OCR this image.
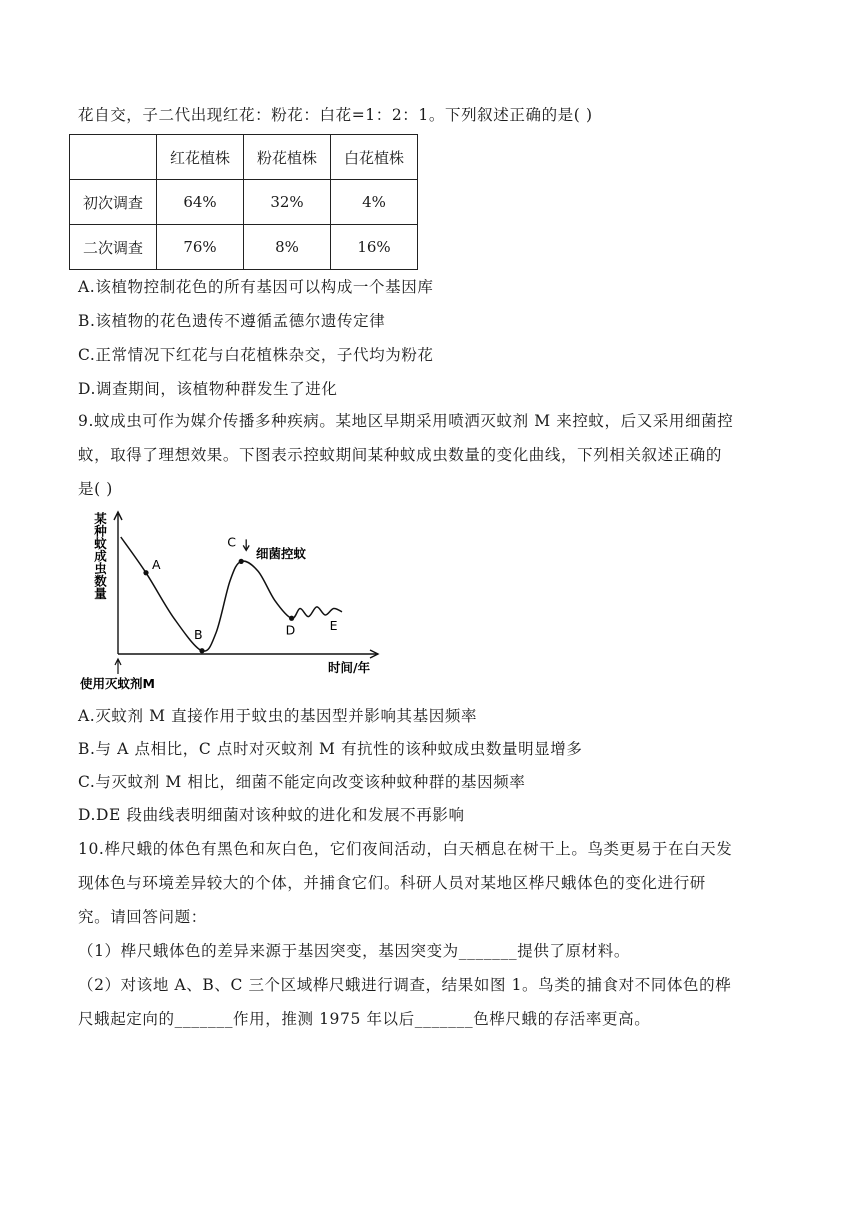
花自交，子二代出现红花：粉花：白花=1：2：1。下列叙述正确的是( )
	红花植株	粉花植株	白花植株
初次调查	64%	32%	4%
二次调查	76%	8%	16%
A.该植物控制花色的所有基因可以构成一个基因库
B.该植物的花色遗传不遵循孟德尔遗传定律
C.正常情况下红花与白花植株杂交，子代均为粉花
D.调查期间，该植物种群发生了进化
9.蚊成虫可作为媒介传播多种疾病。某地区早期采用喷洒灭蚊剂 M 来控蚊，后又采用细菌控
蚊，取得了理想效果。下图表示控蚊期间某种蚊成虫数量的变化曲线，下列相关叙述正确的
是( )
A
B
C
D	E
某种蚊成虫数量
时间/年
使用灭蚊剂M
细菌控蚊
A.灭蚊剂 M 直接作用于蚊虫的基因型并影响其基因频率
B.与 A 点相比，C 点时对灭蚊剂 M 有抗性的该种蚊成虫数量明显增多
C.与灭蚊剂 M 相比，细菌不能定向改变该种蚊种群的基因频率
D.DE 段曲线表明细菌对该种蚊的进化和发展不再影响
10.桦尺蛾的体色有黑色和灰白色，它们夜间活动，白天栖息在树干上。鸟类更易于在白天发
现体色与环境差异较大的个体，并捕食它们。科研人员对某地区桦尺蛾体色的变化进行研
究。请回答问题：
（1）桦尺蛾体色的差异来源于基因突变，基因突变为_______提供了原材料。
（2）对该地 A、B、C 三个区域桦尺蛾进行调查，结果如图 1。鸟类的捕食对不同体色的桦
尺蛾起定向的_______作用，推测 1975 年以后_______色桦尺蛾的存活率更高。
